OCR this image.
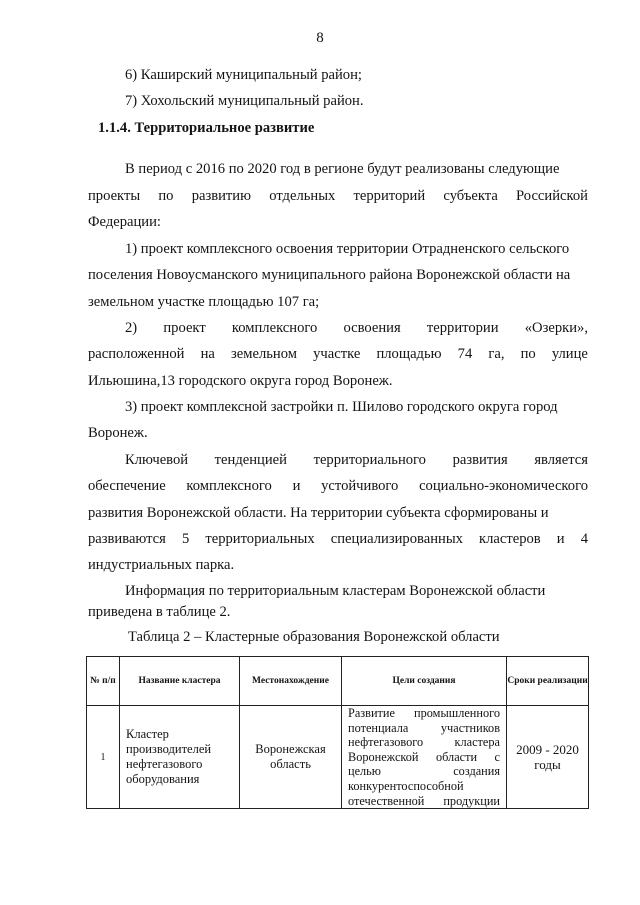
8
6) Каширский муниципальный район;
7) Хохольский муниципальный район.
1.1.4. Территориальное развитие
В период с 2016 по 2020 год в регионе будут реализованы следующие
проекты по развитию отдельных территорий субъекта Российской
Федерации:
1) проект комплексного освоения территории Отрадненского сельского
поселения Новоусманского муниципального района Воронежской области на
земельном участке площадью 107 га;
2) проект комплексного освоения территории «Озерки»,
расположенной на земельном участке площадью 74 га, по улице
Ильюшина,13 городского округа город Воронеж.
3) проект комплексной застройки п. Шилово городского округа город
Воронеж.
Ключевой тенденцией территориального развития является
обеспечение комплексного и устойчивого социально-экономического
развития Воронежской области. На территории субъекта сформированы и
развиваются 5 территориальных специализированных кластеров и 4
индустриальных парка.
Информация по территориальным кластерам Воронежской области
приведена в таблице 2.
Таблица 2 – Кластерные образования Воронежской области
№ п/п	Название кластера	Местонахождение	Цели создания	Сроки реализации
1	Кластер производителей нефтегазового оборудования	Воронежская область	Развитие промышленного потенциала участников нефтегазового кластера Воронежской области с целью создания конкурентоспособной отечественной продукции	2009 - 2020 годы
